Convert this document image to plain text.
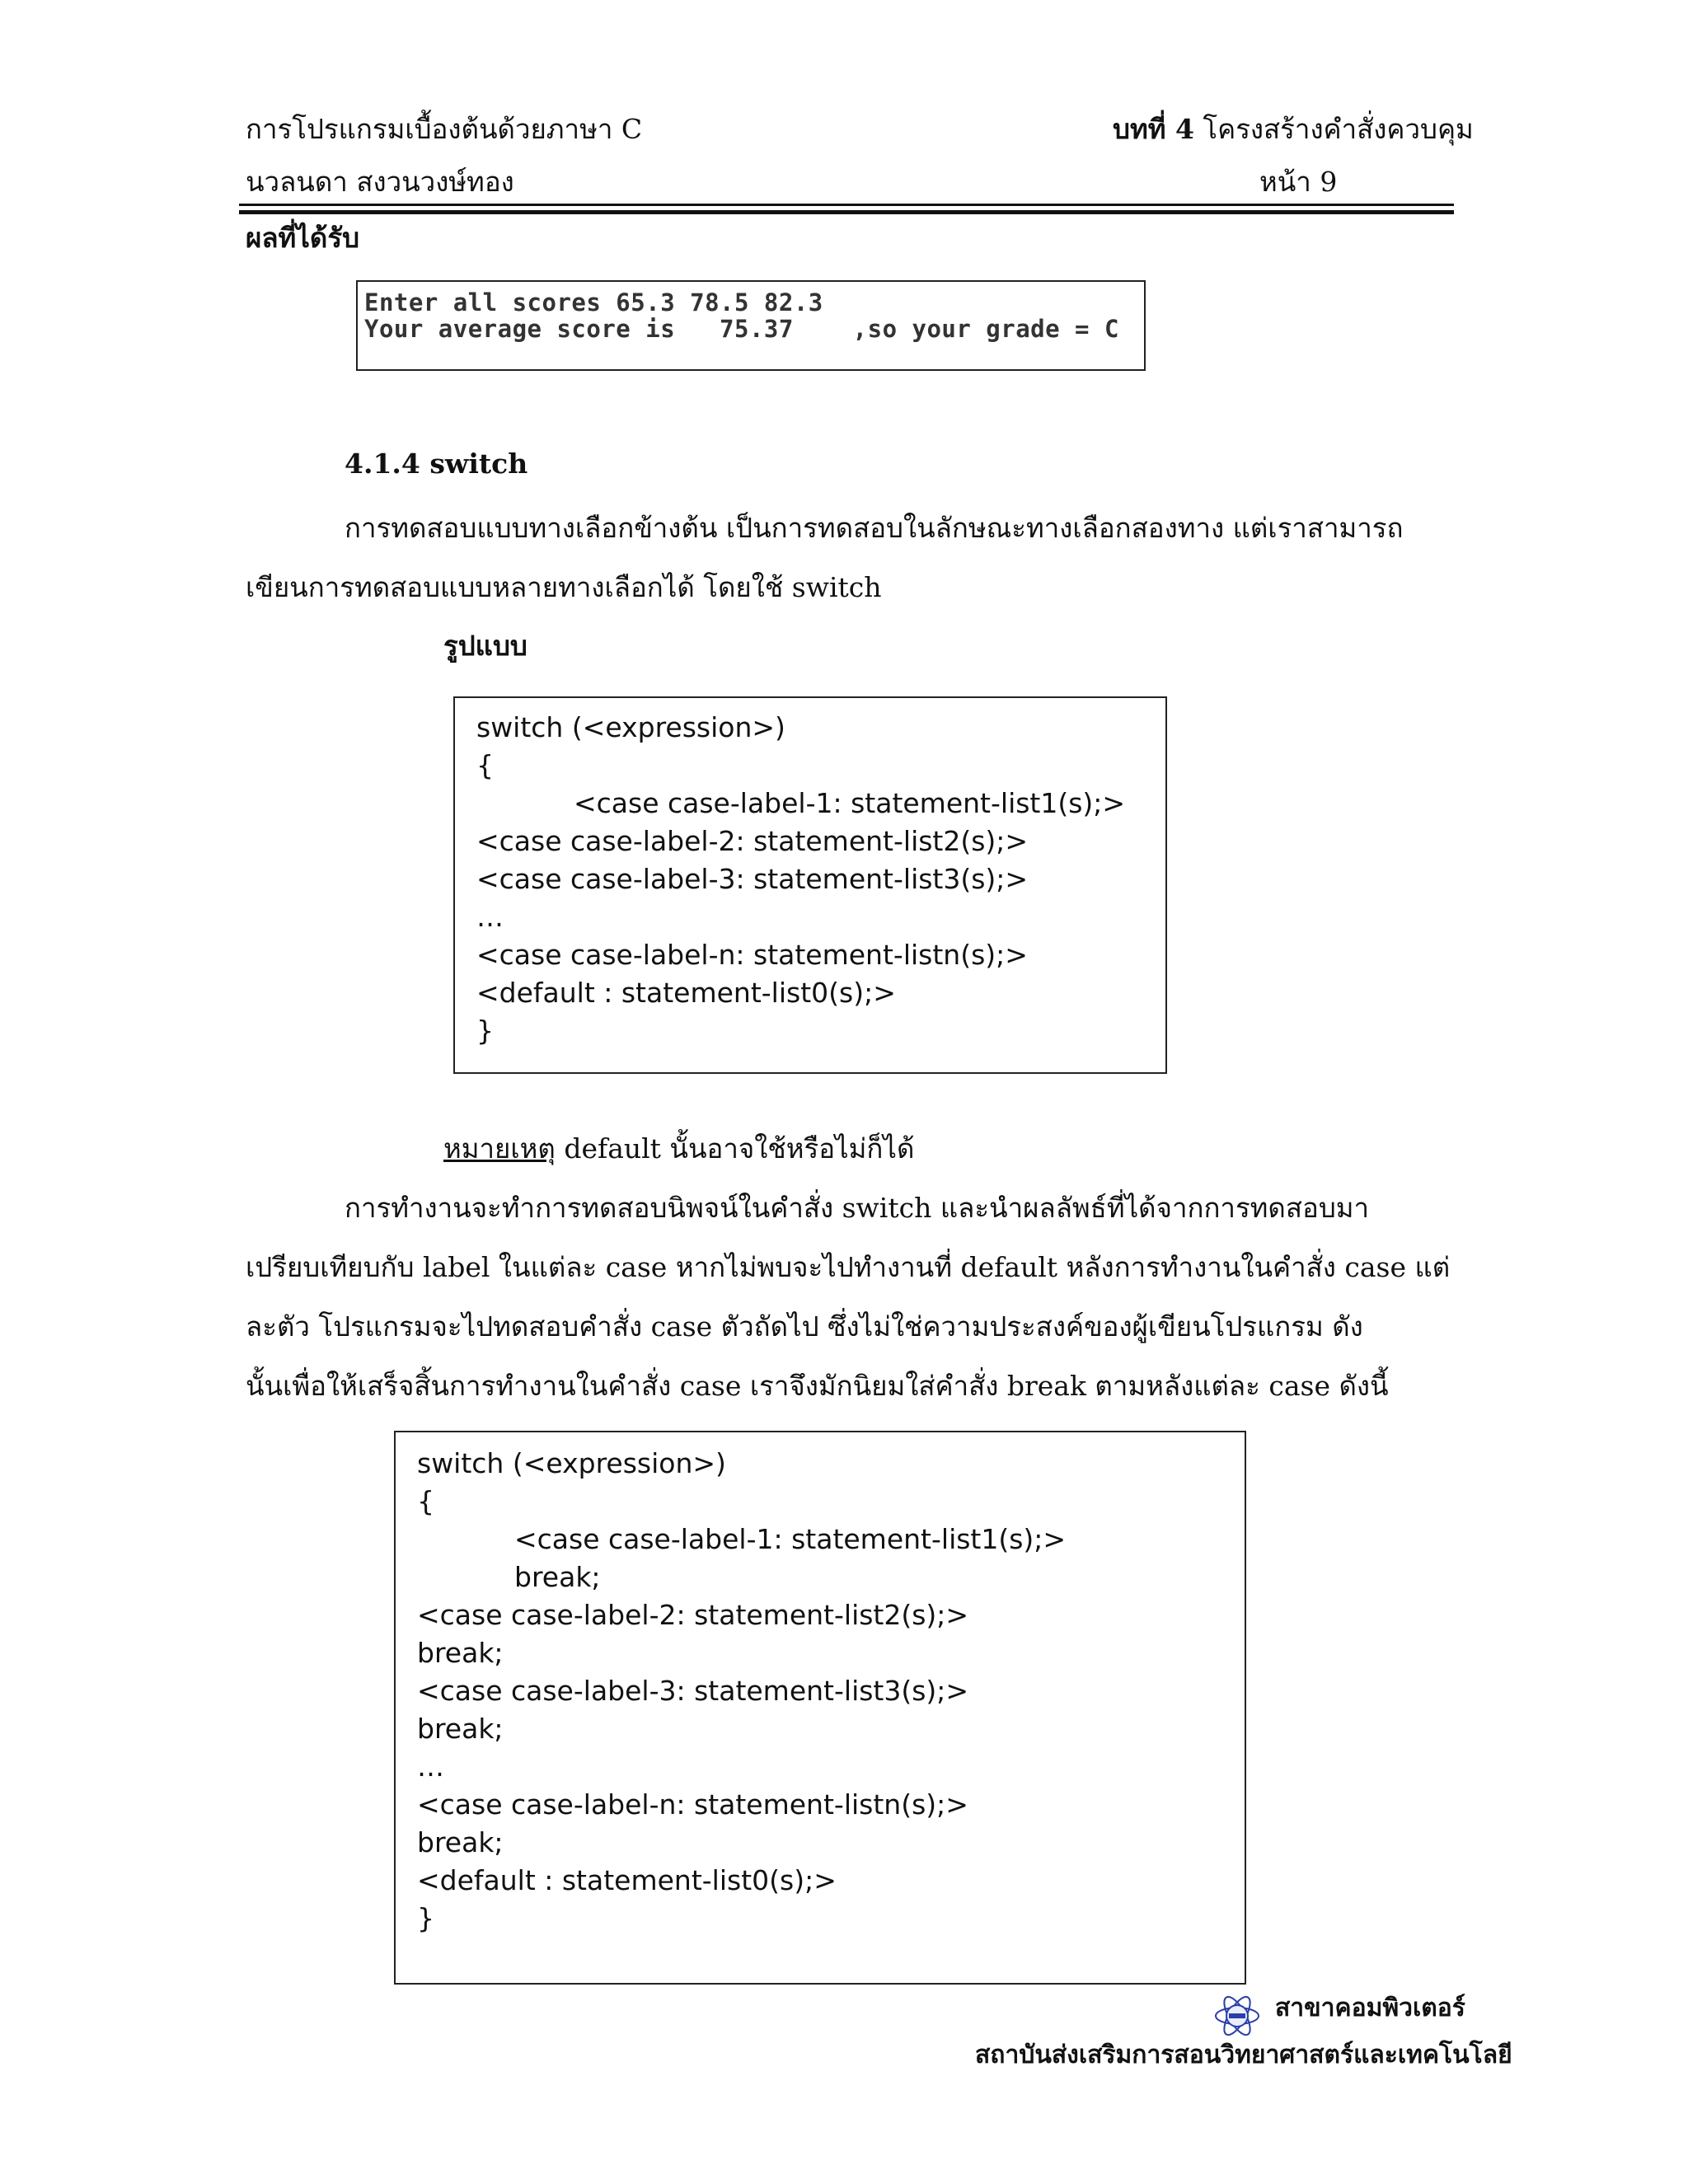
การโปรแกรมเบื้องต้นด้วยภาษา C
นวลนดา สงวนวงษ์ทอง
บทที่ 4 โครงสร้างคำสั่งควบคุม
หน้า 9
ผลที่ได้รับ
Enter all scores 65.3 78.5 82.3
Your average score is   75.37    ,so your grade = C
4.1.4 switch
การทดสอบแบบทางเลือกข้างต้น เป็นการทดสอบในลักษณะทางเลือกสองทาง แต่เราสามารถ
เขียนการทดสอบแบบหลายทางเลือกได้ โดยใช้ switch
รูปแบบ
switch (<expression>)
{
<case case-label-1: statement-list1(s);>
<case case-label-2: statement-list2(s);>
<case case-label-3: statement-list3(s);>
…
<case case-label-n: statement-listn(s);>
<default : statement-list0(s);>
}
หมายเหตุ default นั้นอาจใช้หรือไม่ก็ได้
การทำงานจะทำการทดสอบนิพจน์ในคำสั่ง switch และนำผลลัพธ์ที่ได้จากการทดสอบมา
เปรียบเทียบกับ label ในแต่ละ case หากไม่พบจะไปทำงานที่ default หลังการทำงานในคำสั่ง case แต่
ละตัว โปรแกรมจะไปทดสอบคำสั่ง case ตัวถัดไป ซึ่งไม่ใช่ความประสงค์ของผู้เขียนโปรแกรม ดัง
นั้นเพื่อให้เสร็จสิ้นการทำงานในคำสั่ง case เราจึงมักนิยมใส่คำสั่ง break ตามหลังแต่ละ case ดังนี้
switch (<expression>)
{
<case case-label-1: statement-list1(s);>
break;
<case case-label-2: statement-list2(s);>
break;
<case case-label-3: statement-list3(s);>
break;
…
<case case-label-n: statement-listn(s);>
break;
<default : statement-list0(s);>
}
สาขาคอมพิวเตอร์
สถาบันส่งเสริมการสอนวิทยาศาสตร์และเทคโนโลยี
